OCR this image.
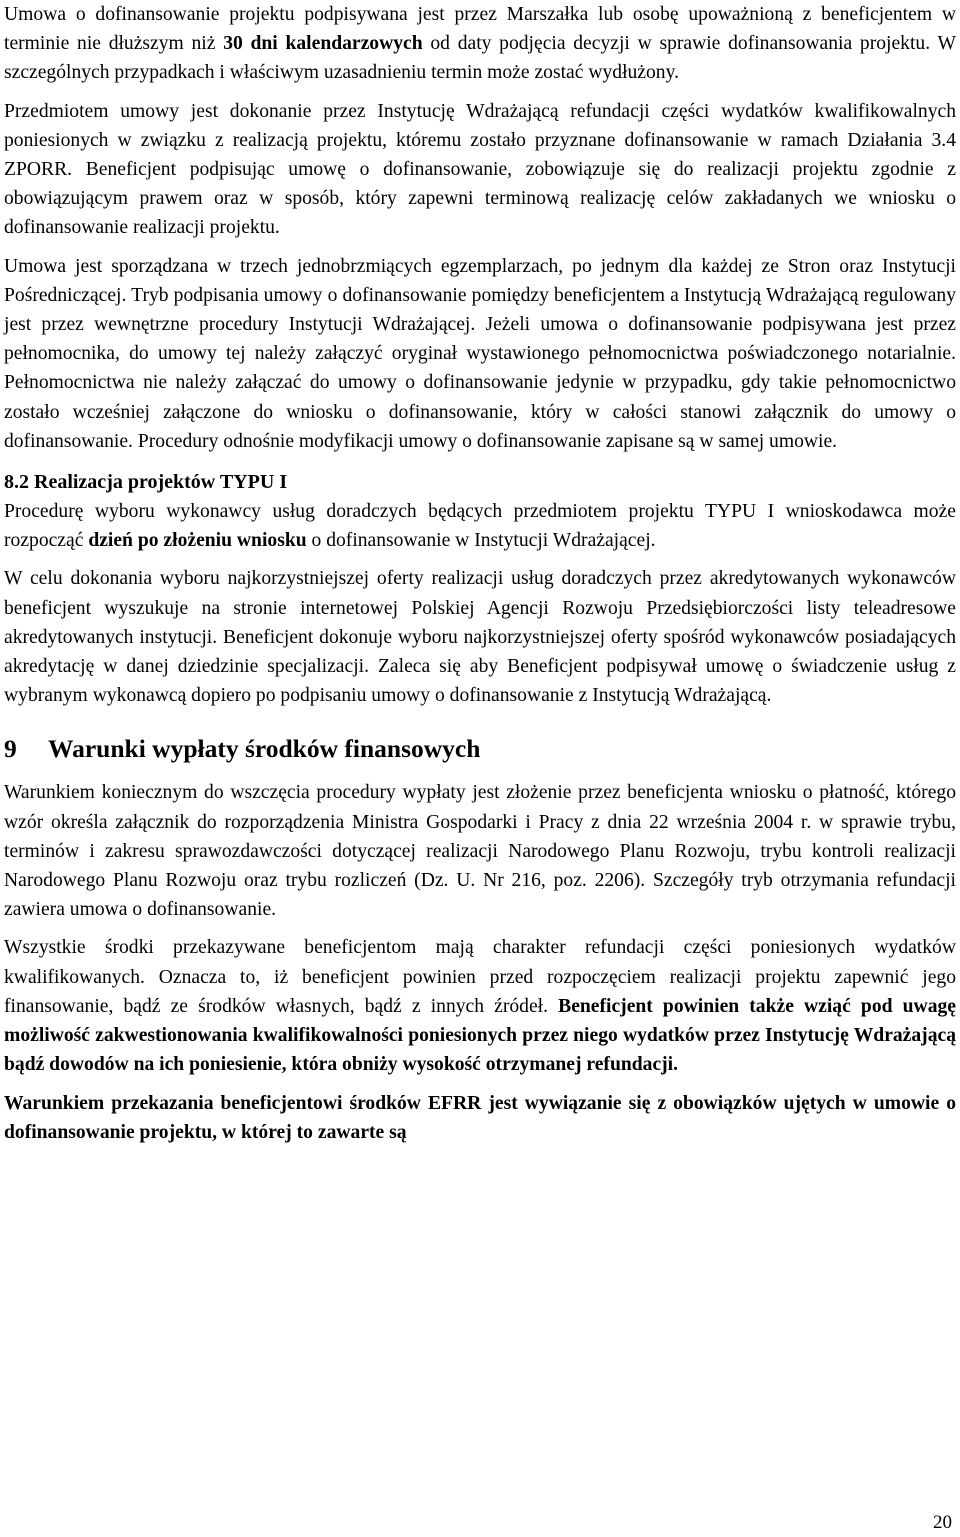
Umowa o dofinansowanie projektu podpisywana jest przez Marszałka lub osobę upoważnioną z beneficjentem w terminie nie dłuższym niż 30 dni kalendarzowych od daty podjęcia decyzji w sprawie dofinansowania projektu. W szczególnych przypadkach i właściwym uzasadnieniu termin może zostać wydłużony.

Przedmiotem umowy jest dokonanie przez Instytucję Wdrażającą refundacji części wydatków kwalifikowalnych poniesionych w związku z realizacją projektu, któremu zostało przyznane dofinansowanie w ramach Działania 3.4 ZPORR. Beneficjent podpisując umowę o dofinansowanie, zobowiązuje się do realizacji projektu zgodnie z obowiązującym prawem oraz w sposób, który zapewni terminową realizację celów zakładanych we wniosku o dofinansowanie realizacji projektu.

Umowa jest sporządzana w trzech jednobrzmiących egzemplarzach, po jednym dla każdej ze Stron oraz Instytucji Pośredniczącej. Tryb podpisania umowy o dofinansowanie pomiędzy beneficjentem a Instytucją Wdrażającą regulowany jest przez wewnętrzne procedury Instytucji Wdrażającej. Jeżeli umowa o dofinansowanie podpisywana jest przez pełnomocnika, do umowy tej należy załączyć oryginał wystawionego pełnomocnictwa poświadczonego notarialnie. Pełnomocnictwa nie należy załączać do umowy o dofinansowanie jedynie w przypadku, gdy takie pełnomocnictwo zostało wcześniej załączone do wniosku o dofinansowanie, który w całości stanowi załącznik do umowy o dofinansowanie. Procedury odnośnie modyfikacji umowy o dofinansowanie zapisane są w samej umowie.

8.2 Realizacja projektów TYPU I

Procedurę wyboru wykonawcy usług doradczych będących przedmiotem projektu TYPU I wnioskodawca może rozpocząć dzień po złożeniu wniosku o dofinansowanie w Instytucji Wdrażającej.

W celu dokonania wyboru najkorzystniejszej oferty realizacji usług doradczych przez akredytowanych wykonawców beneficjent wyszukuje na stronie internetowej Polskiej Agencji Rozwoju Przedsiębiorczości listy teleadresowe akredytowanych instytucji. Beneficjent dokonuje wyboru najkorzystniejszej oferty spośród wykonawców posiadających akredytację w danej dziedzinie specjalizacji. Zaleca się aby Beneficjent podpisywał umowę o świadczenie usług z wybranym wykonawcą dopiero po podpisaniu umowy o dofinansowanie z Instytucją Wdrażającą.

9 Warunki wypłaty środków finansowych

Warunkiem koniecznym do wszczęcia procedury wypłaty jest złożenie przez beneficjenta wniosku o płatność, którego wzór określa załącznik do rozporządzenia Ministra Gospodarki i Pracy z dnia 22 września 2004 r. w sprawie trybu, terminów i zakresu sprawozdawczości dotyczącej realizacji Narodowego Planu Rozwoju, trybu kontroli realizacji Narodowego Planu Rozwoju oraz trybu rozliczeń (Dz. U. Nr 216, poz. 2206). Szczegóły tryb otrzymania refundacji zawiera umowa o dofinansowanie.

Wszystkie środki przekazywane beneficjentom mają charakter refundacji części poniesionych wydatków kwalifikowanych. Oznacza to, iż beneficjent powinien przed rozpoczęciem realizacji projektu zapewnić jego finansowanie, bądź ze środków własnych, bądź z innych źródeł. Beneficjent powinien także wziąć pod uwagę możliwość zakwestionowania kwalifikowalności poniesionych przez niego wydatków przez Instytucję Wdrażającą bądź dowodów na ich poniesienie, która obniży wysokość otrzymanej refundacji.

Warunkiem przekazania beneficjentowi środków EFRR jest wywiązanie się z obowiązków ujętych w umowie o dofinansowanie projektu, w której to zawarte są

20
